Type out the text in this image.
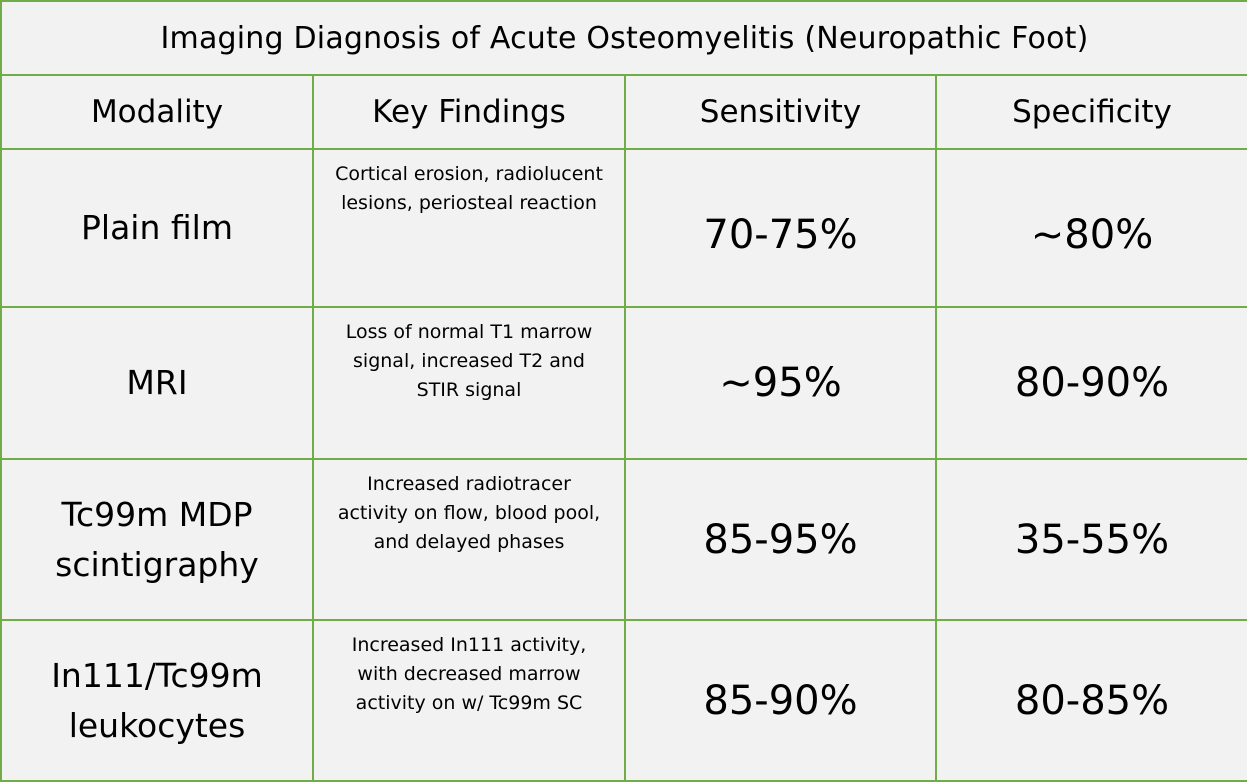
Imaging Diagnosis of Acute Osteomyelitis (Neuropathic Foot)			
Modality	Key Findings	Sensitivity	Specificity
Plain film	Cortical erosion, radiolucent
lesions, periosteal reaction	70-75%	~80%
MRI	Loss of normal T1 marrow
signal, increased T2 and
STIR signal	~95%	80-90%

Tc99m MDP
scintigraphy	Increased radiotracer
activity on flow, blood pool,
and delayed phases	85-95%	35-55%

In111/Tc99m
leukocytes	Increased In111 activity,
with decreased marrow
activity on w/ Tc99m SC	85-90%	80-85%
